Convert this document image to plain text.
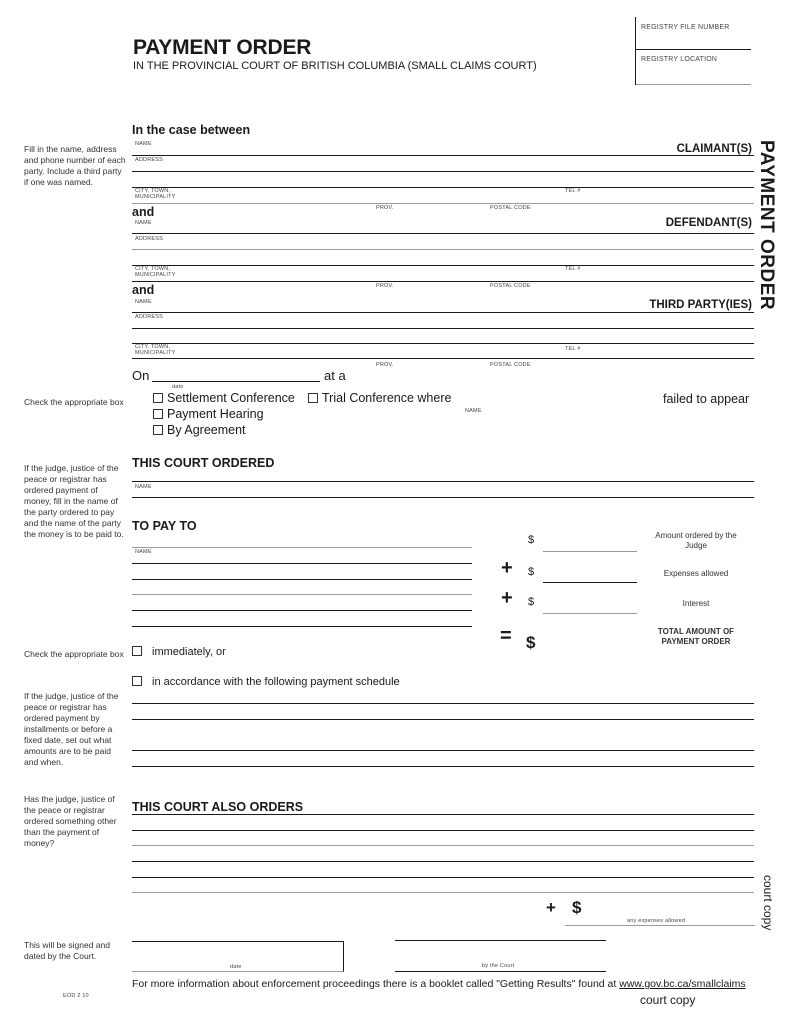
REGISTRY FILE NUMBER
REGISTRY LOCATION
PAYMENT ORDER
IN THE PROVINCIAL COURT OF BRITISH COLUMBIA (SMALL CLAIMS COURT)
PAYMENT ORDER
court copy
Fill in the name, address and phone number of each party. Include a third party if one was named.
In the case between
NAME	CLAIMANT(S)
ADDRESS
CITY, TOWN, MUNICIPALITY
TEL #
PROV.	POSTAL CODE
and
NAME	DEFENDANT(S)
ADDRESS
CITY, TOWN, MUNICIPALITY
TEL #
PROV.	POSTAL CODE
and
NAME	THIRD PARTY(IES)
ADDRESS
CITY, TOWN, MUNICIPALITY
TEL #
PROV.	POSTAL CODE
On	at a
date
Check the appropriate box	Settlement Conference	Trial Conference where
Payment Hearing
By Agreement
NAME
failed to appear
If the judge, justice of the peace or registrar has ordered payment of money, fill in the name of the party ordered to pay and the name of the party the money is to be paid to.
THIS COURT ORDERED
NAME
TO PAY TO
NAME
$	Amount ordered by the Judge
+ $	Expenses allowed
+ $	Interest
= $
TOTAL AMOUNT OF PAYMENT ORDER
Check the appropriate box
If the judge, justice of the peace or registrar has ordered payment by installments or before a fixed date, set out what amounts are to be paid and when.
immediately, or
in accordance with the following payment schedule
Has the judge, justice of the peace or registrar ordered something other than the payment of money?
THIS COURT ALSO ORDERS
+ $
any expenses allowed
This will be signed and dated by the Court.
date	by the Court
For more information about enforcement proceedings there is a booklet called "Getting Results" found at www.gov.bc.ca/smallclaims
court copy
EOD 2 10
